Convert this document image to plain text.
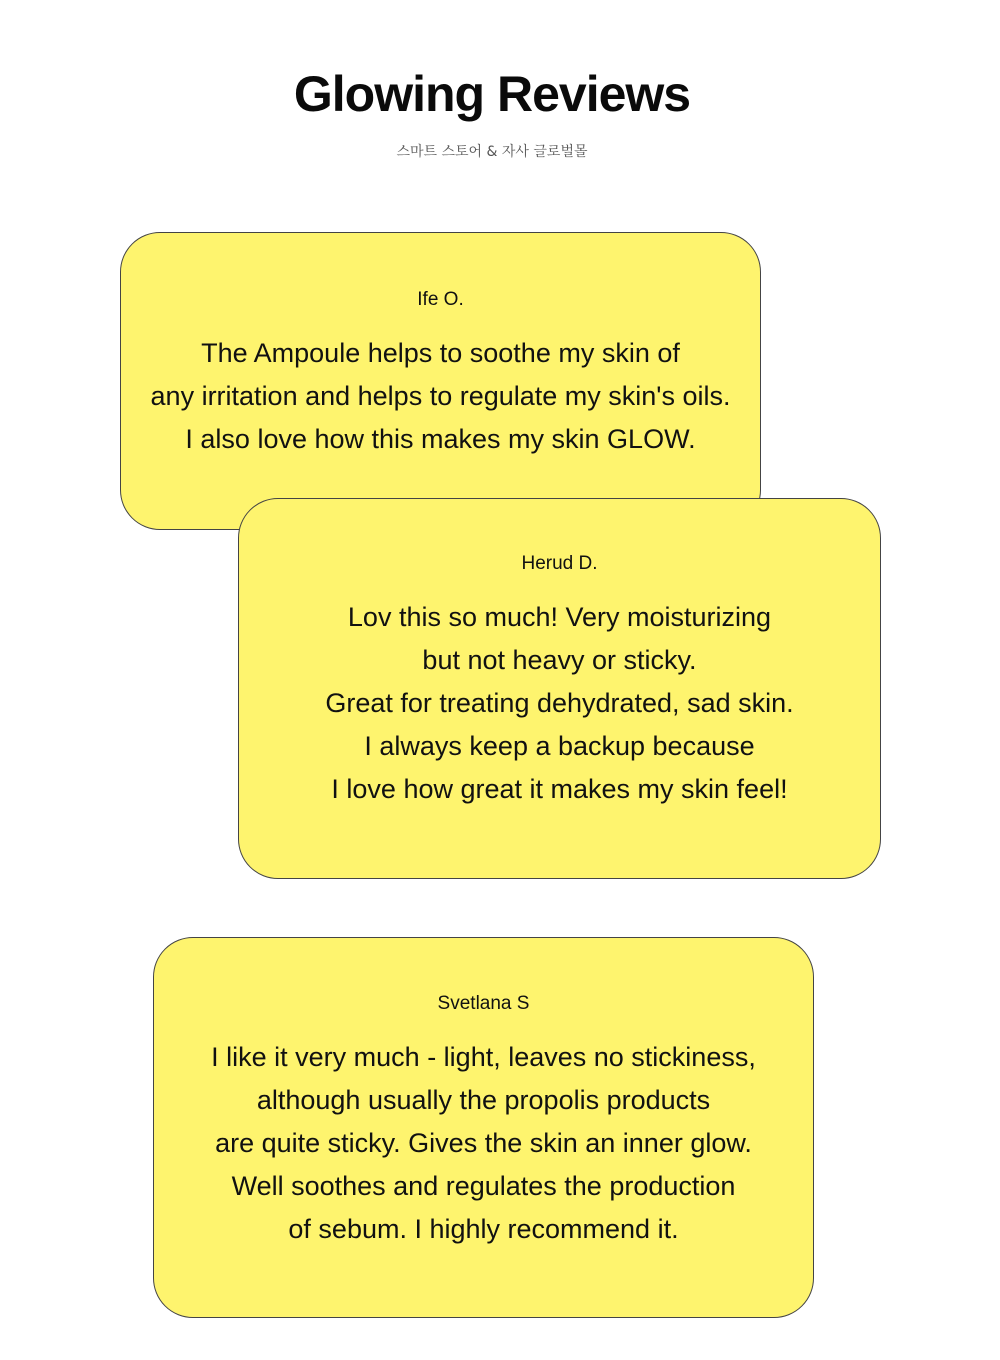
Glowing Reviews
스마트 스토어 & 자사 글로벌몰
Ife O.
The Ampoule helps to soothe my skin of
any irritation and helps to regulate my skin's oils.
I also love how this makes my skin GLOW.
Herud D.
Lov this so much! Very moisturizing
but not heavy or sticky.
Great for treating dehydrated, sad skin.
I always keep a backup because
I love how great it makes my skin feel!
Svetlana S
I like it very much - light, leaves no stickiness,
although usually the propolis products
are quite sticky. Gives the skin an inner glow.
Well soothes and regulates the production
of sebum. I highly recommend it.
